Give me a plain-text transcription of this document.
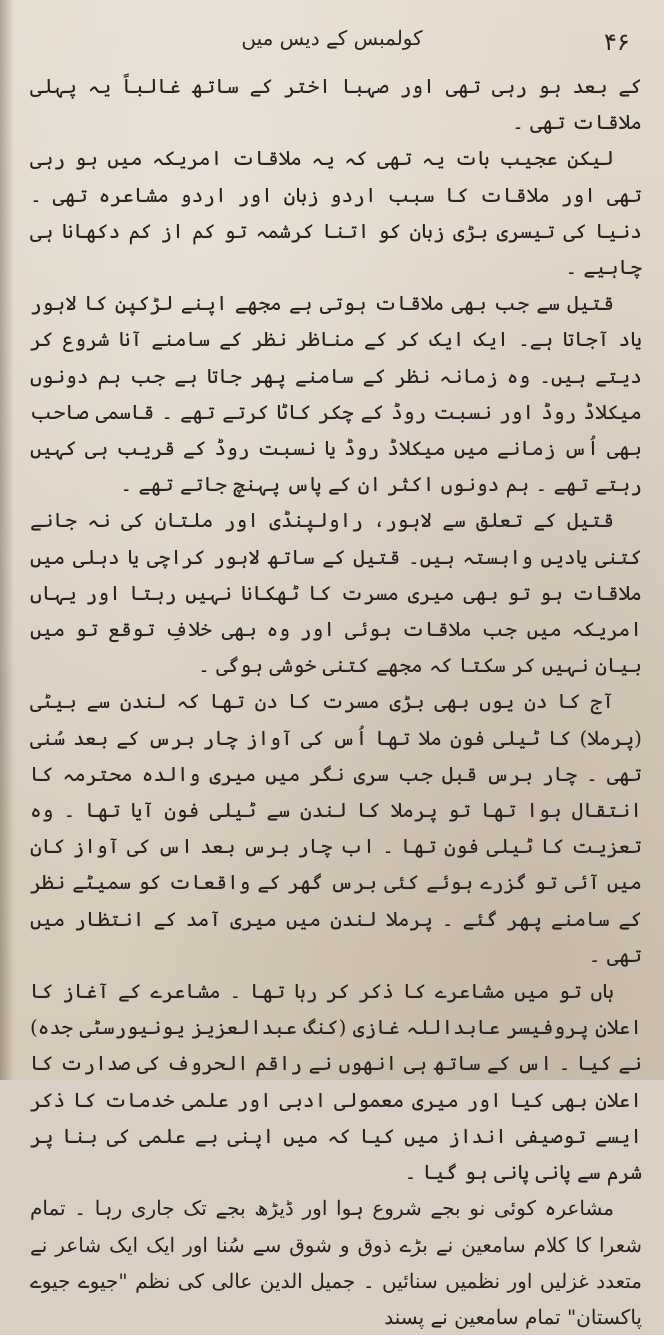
۴۶
کولمبس کے دیس میں

کے بعد ہو رہی تھی اور صہبا اختر کے ساتھ غالباً یہ پہلی ملاقات تھی ۔

لیکن عجیب بات یہ تھی کہ یہ ملاقات امریکہ میں ہو رہی تھی اور ملاقات کا سبب اردو زبان اور اردو مشاعرہ تھی ۔ دنیا کی تیسری بڑی زبان کو اتنا کرشمہ تو کم از کم دکھانا ہی چاہیے ۔

قتیل سے جب بھی ملاقات ہوتی ہے مجھے اپنے لڑکپن کا لاہور یاد آجاتا ہے۔ ایک ایک کر کے مناظر نظر کے سامنے آنا شروع کر دیتے ہیں۔ وہ زمانہ نظر کے سامنے پھر جاتا ہے جب ہم دونوں میکلاڈ روڈ اور نسبت روڈ کے چکر کاٹا کرتے تھے ۔ قاسمی صاحب بھی اُس زمانے میں میکلاڈ روڈ یا نسبت روڈ کے قریب ہی کہیں رہتے تھے ۔ ہم دونوں اکثر ان کے پاس پہنچ جاتے تھے ۔

قتیل کے تعلق سے لاہور، راولپنڈی اور ملتان کی نہ جانے کتنی یادیں وابستہ ہیں۔ قتیل کے ساتھ لاہور کراچی یا دہلی میں ملاقات ہو تو بھی میری مسرت کا ٹھکانا نہیں رہتا اور یہاں امریکہ میں جب ملاقات ہوئی اور وہ بھی خلافِ توقع تو میں بیان نہیں کر سکتا کہ مجھے کتنی خوشی ہوگی ۔

آج کا دن یوں بھی بڑی مسرت کا دن تھا کہ لندن سے بیٹی (پرملا) کا ٹیلی فون ملا تھا اُس کی آواز چار برس کے بعد سُنی تھی ۔ چار برس قبل جب سری نگر میں میری والدہ محترمہ کا انتقال ہوا تھا تو پرملا کا لندن سے ٹیلی فون آیا تھا ۔ وہ تعزیت کا ٹیلی فون تھا ۔ اب چار برس بعد اس کی آواز کان میں آئی تو گزرے ہوئے کئی برس گھر کے واقعات کو سمیٹے نظر کے سامنے پھر گئے ۔ پرملا لندن میں میری آمد کے انتظار میں تھی ۔

ہاں تو میں مشاعرے کا ذکر کر رہا تھا ۔ مشاعرے کے آغاز کا اعلان پروفیسر عابداللہ غازی (کنگ عبدالعزیز یونیورسٹی جدہ) نے کیا ۔ اس کے ساتھ ہی انھوں نے راقم الحروف کی صدارت کا اعلان بھی کیا اور میری معمولی ادبی اور علمی خدمات کا ذکر ایسے توصیفی انداز میں کیا کہ میں اپنی بے علمی کی بنا پر شرم سے پانی پانی ہو گیا ۔

مشاعرہ کوئی نو بجے شروع ہوا اور ڈیڑھ بجے تک جاری رہا ۔ تمام شعرا کا کلام سامعین نے بڑے ذوق و شوق سے سُنا اور ایک ایک شاعر نے متعدد غزلیں اور نظمیں سنائیں ۔ جمیل الدین عالی کی نظم "جیوے جیوے پاکستان" تمام سامعین نے پسند
